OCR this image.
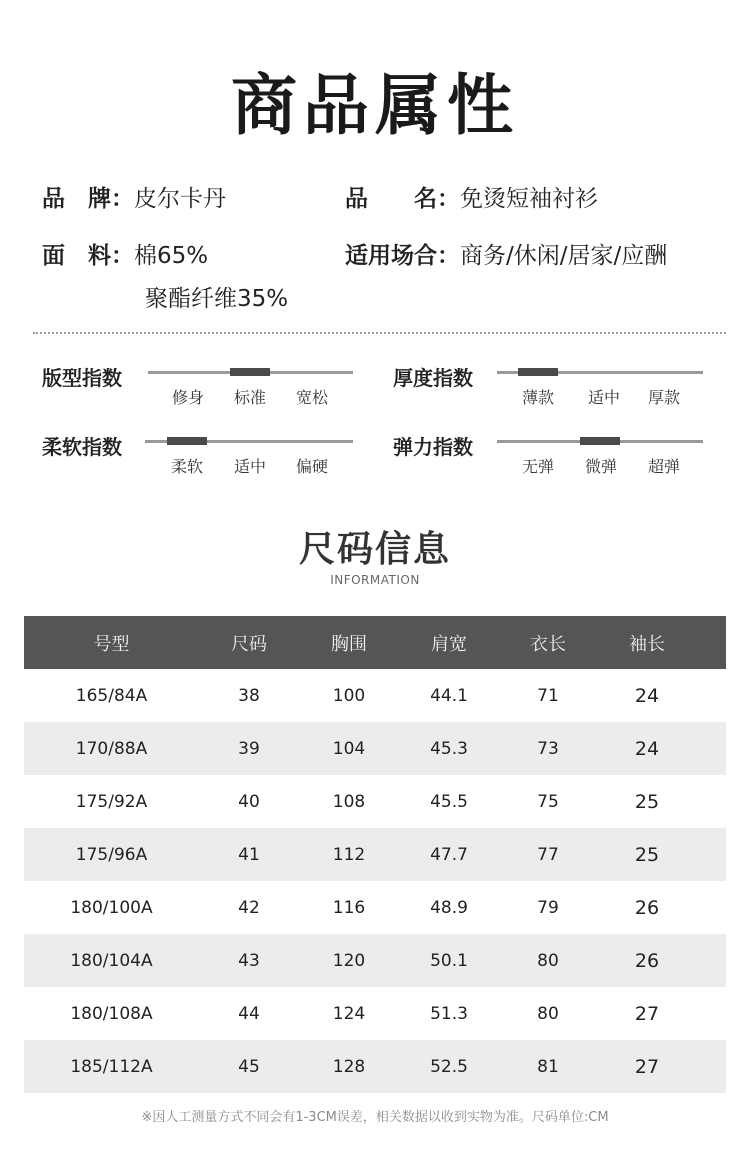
商品属性
品　牌：皮尔卡丹	品　　名：免烫短袖衬衫
面　料：棉65%
聚酯纤维35%
适用场合：商务/休闲/居家/应酬
版型指数
修身	标准	宽松
厚度指数
薄款	适中	厚款
柔软指数
柔软	适中	偏硬
弹力指数
无弹	微弹	超弹
尺码信息
INFORMATION
号型	尺码	胸围	肩宽	衣长	袖长
165/84A	38	100	44.1	71	24
170/88A	39	104	45.3	73	24
175/92A	40	108	45.5	75	25
175/96A	41	112	47.7	77	25
180/100A	42	116	48.9	79	26
180/104A	43	120	50.1	80	26
180/108A	44	124	51.3	80	27
185/112A	45	128	52.5	81	27
※因人工测量方式不同会有1-3CM误差，相关数据以收到实物为准。尺码单位:CM
